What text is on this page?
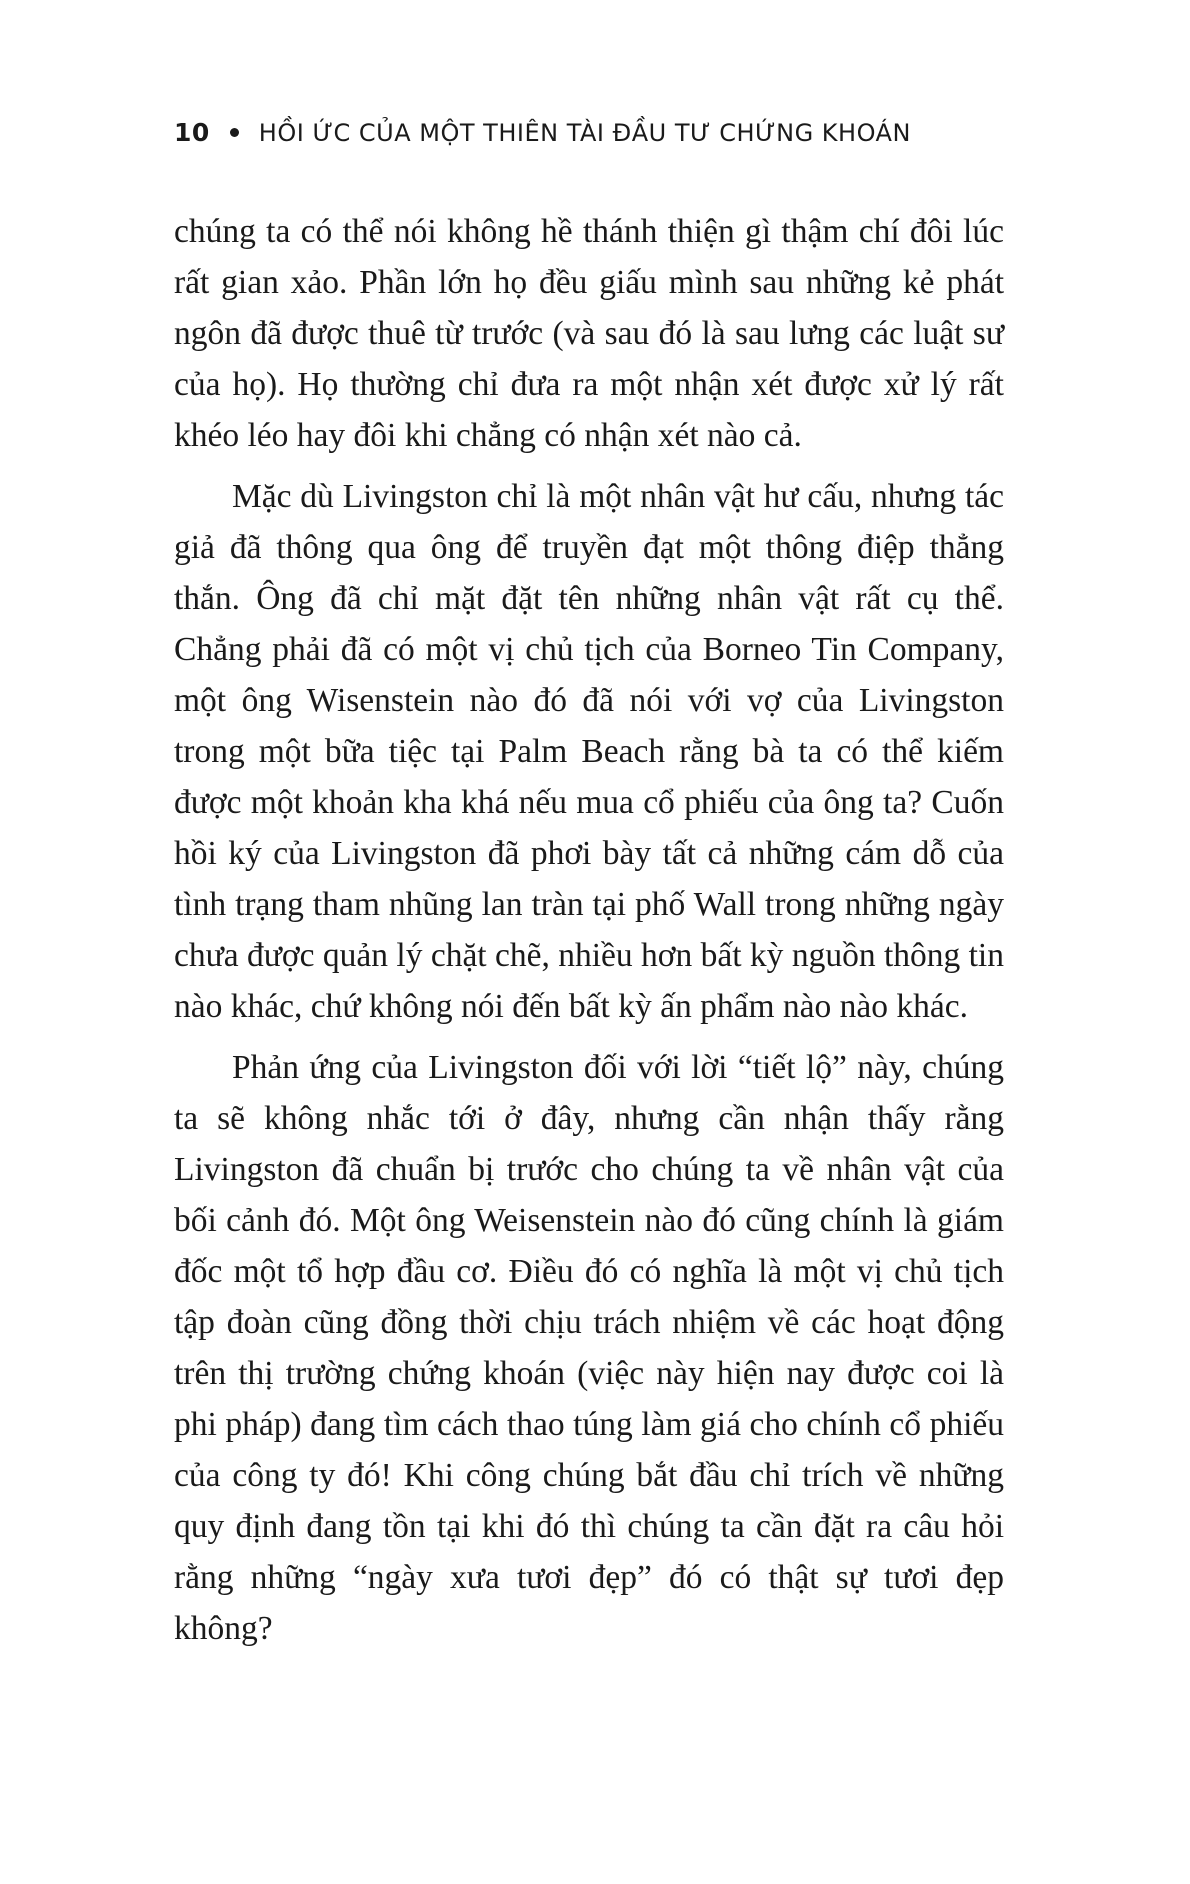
10 HỒI ỨC CỦA MỘT THIÊN TÀI ĐẦU TƯ CHỨNG KHOÁN

chúng ta có thể nói không hề thánh thiện gì thậm chí đôi lúc rất gian xảo. Phần lớn họ đều giấu mình sau những kẻ phát ngôn đã được thuê từ trước (và sau đó là sau lưng các luật sư của họ). Họ thường chỉ đưa ra một nhận xét được xử lý rất khéo léo hay đôi khi chẳng có nhận xét nào cả.

Mặc dù Livingston chỉ là một nhân vật hư cấu, nhưng tác giả đã thông qua ông để truyền đạt một thông điệp thẳng thắn. Ông đã chỉ mặt đặt tên những nhân vật rất cụ thể. Chẳng phải đã có một vị chủ tịch của Borneo Tin Company, một ông Wisenstein nào đó đã nói với vợ của Livingston trong một bữa tiệc tại Palm Beach rằng bà ta có thể kiếm được một khoản kha khá nếu mua cổ phiếu của ông ta? Cuốn hồi ký của Livingston đã phơi bày tất cả những cám dỗ của tình trạng tham nhũng lan tràn tại phố Wall trong những ngày chưa được quản lý chặt chẽ, nhiều hơn bất kỳ nguồn thông tin nào khác, chứ không nói đến bất kỳ ấn phẩm nào nào khác.

Phản ứng của Livingston đối với lời “tiết lộ” này, chúng ta sẽ không nhắc tới ở đây, nhưng cần nhận thấy rằng Livingston đã chuẩn bị trước cho chúng ta về nhân vật của bối cảnh đó. Một ông Weisenstein nào đó cũng chính là giám đốc một tổ hợp đầu cơ. Điều đó có nghĩa là một vị chủ tịch tập đoàn cũng đồng thời chịu trách nhiệm về các hoạt động trên thị trường chứng khoán (việc này hiện nay được coi là phi pháp) đang tìm cách thao túng làm giá cho chính cổ phiếu của công ty đó! Khi công chúng bắt đầu chỉ trích về những quy định đang tồn tại khi đó thì chúng ta cần đặt ra câu hỏi rằng những “ngày xưa tươi đẹp” đó có thật sự tươi đẹp không?
